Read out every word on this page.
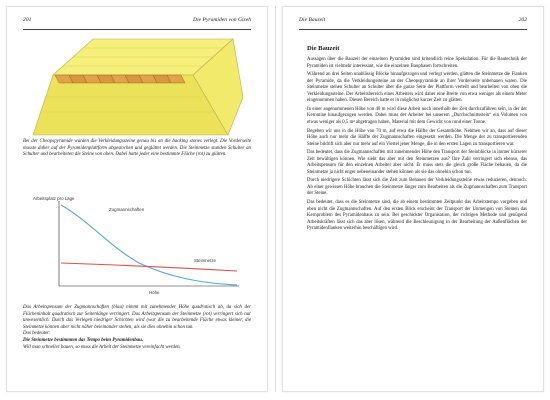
201	Die Pyramiden von Gizeh

Bei der Cheopspyramide wurden die Verkleidungssteine genau bis an die backing stones verlegt. Die Vorderseite musste daher auf der Pyramidenplattform abgestochen und geglättet werden. Die Steinmetze standen Schulter an Schulter und bearbeiteten die Steine von oben. Dabei hatte jeder eine bestimmte Fläche (rot) zu glätten.

Arbeitsplatz pro Lage
Höhe
Zugmannschaften
Steinmetze

Das Arbeitspensum der Zugmannschaften (blau) nimmt mit zunehmender Höhe quadratisch ab, da sich der Flächeninhalt quadratisch zur Seitenlänge verringert. Das Arbeitspensum der Steinmetze (rot) verringert sich nur unwesentlich. Durch das Verlegen niedriger Schichten wird (war die zu bearbeitende Fläche etwas kleiner, die Steinmetze können aber nicht näher beieinander stehen, als sie dies ohnehin schon tun.

Das bedeutet:

Die Steinmetze bestimmten das Tempo beim Pyramidenbau.

Will man schneller bauen, so muss die Arbeit der Steinmetze vereinfacht werden.

Die Bauzeit	202
Die Bauzeit

Aussagen über die Bauzeit der einzelnen Pyramiden sind kritendlich reine Spekulation. Für die Bautechnik der Pyramiden ist vielmehr interessant, wie die einzelnen Bauphasen fortschreiten.

Während an drei Seiten unablässig Blöcke hinaufgezogen und verlegt werden, glätten die Steinmetze die Flanken der Pyramide, da die Verkleidungssteine an der Cheopspyramide an ihrer Vorderseite unbehauen waren. Die Steinmetze stehen Schulter an Schulter über die ganze Seite der Plattform verteilt und bearbeiten von oben die Verkleidungssteine. Der Arbeitsbereich eines Arbeiters wird daher eine Breite von etwa weniger als einem Meter eingenommen haben. Diesen Bereich hatte er in möglichst kurzer Zeit zu glätten.

In einer angenommenen Höhe von 40 m wird diese Arbeit noch innerhalb der Zeit durchzuführen sein, in der der Kernmine hinaufgezogen werden. Dabei muss der Arbeiter bei unserem „Durchschnittsstein“ ein Volumen von etwas weniger als 0,5 m³ abgetragen haben, Material mit dem Gewicht von rund einer Tonne.

Begeben wir uns in die Höhe von 70 m, auf etwa die Hälfte der Gesamthöhe. Nehmen wir an, dass auf dieser Höhe auch nur mehr die Hälfte der Zugmannschaften eingesetzt werden. Die Menge der zu transportierenden Steine bildrift sich aber nur mehr auf ein Viertel jener Menge, die in den ersten Lagen zu transportieren war.

Das bedeutet, dass die Zugmannschaften mit zunehmender Höhe den Transport der Steinblöcke in immer kürzerer Zeit bewältigen können. Wie sieht das aber mit den Steinmetzen aus? Ihre Zahl verringert sich ebenso, das Arbeitspensum für den einzelnen Arbeiter aber nicht. Er muss stets die gleich große Fläche behauen, da die Steinmetze ja nicht enger nebeneinander stehen können als sie das ohnehin schon tun.

Durch niedrigere Schichten lässt sich die Zeit zum Behauen der Verkleidungssteine etwas reduzieren, dennoch: Ab einer gewissen Höhe brauchen die Steinmetze länger zum Bearbeiten als die Zugmannschaften zum Transport der Steine.

Das bedeutet, dass es die Steinmetze sind, die ab einem bestimmten Zeitpunkt das Arbeitstempo vorgeben und eben nicht die Zugmannschaften. Auf den ersten Blick erscheint der Transport der Unmengen von Steinen das Kernproblem des Pyramidenbaus zu sein. Bei geschickter Organisation, der richtigen Methode und genügend Arbeitskräften lässt sich das aber lösen, während die Beschleunigung in der Bearbeitung der Außenflächen der Pyramidenflanken weiterhin beschäftigen wird.
